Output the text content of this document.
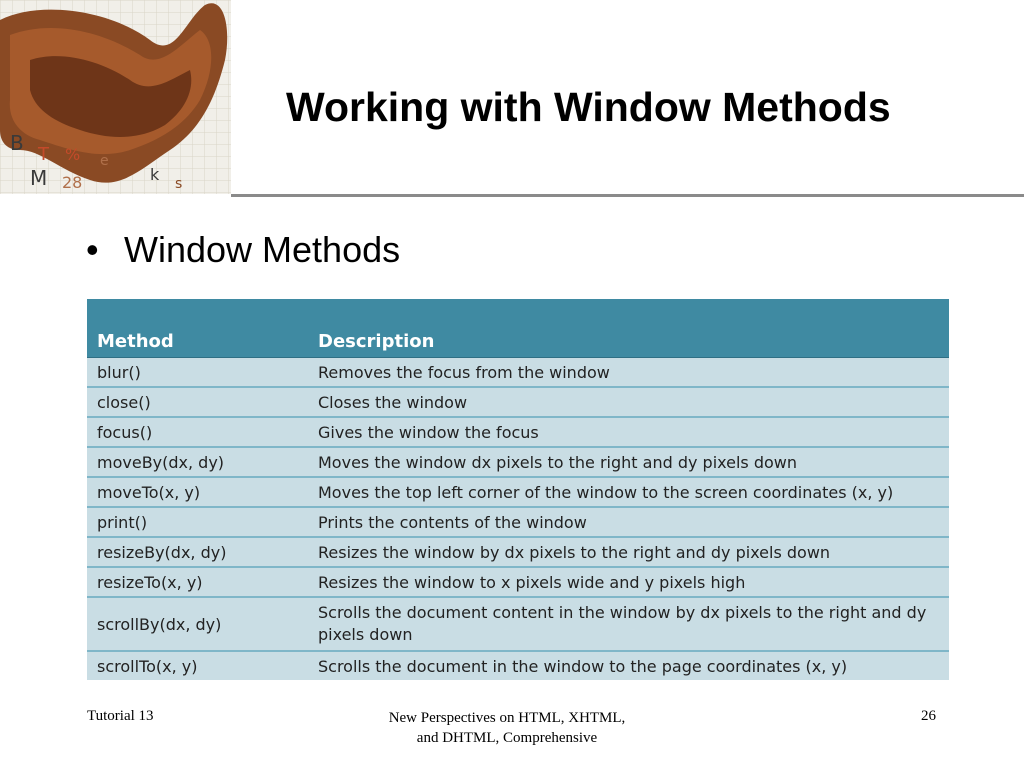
B T
M 28
% e
k s
Working with Window Methods
• Window Methods
Method	Description
blur()	Removes the focus from the window
close()	Closes the window
focus()	Gives the window the focus
moveBy(dx, dy)	Moves the window dx pixels to the right and dy pixels down
moveTo(x, y)	Moves the top left corner of the window to the screen coordinates (x, y)
print()	Prints the contents of the window
resizeBy(dx, dy)	Resizes the window by dx pixels to the right and dy pixels down
resizeTo(x, y)	Resizes the window to x pixels wide and y pixels high
scrollBy(dx, dy)	Scrolls the document content in the window by dx pixels to the right and dy pixels down
scrollTo(x, y)	Scrolls the document in the window to the page coordinates (x, y)
Tutorial 13	New Perspectives on HTML, XHTML,
and DHTML, Comprehensive
26
